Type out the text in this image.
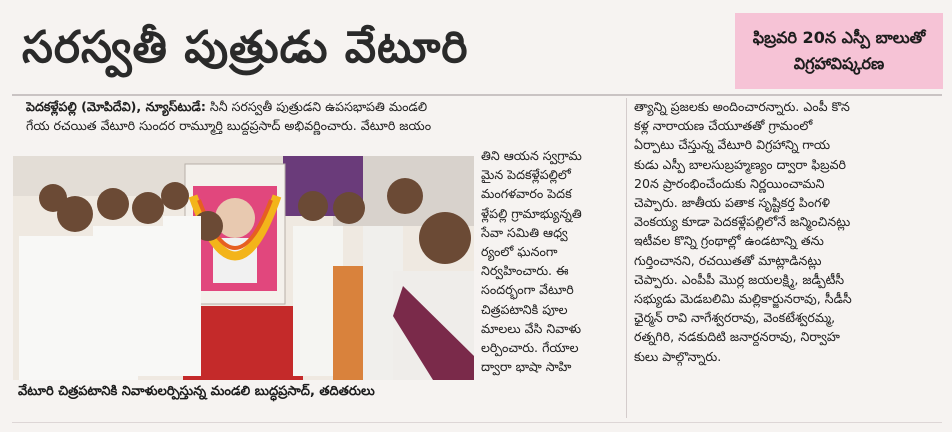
సరస్వతీ పుత్రుడు వేటూరి	ఫిబ్రవరి 20న ఎస్పీ బాలుతో
విగ్రహావిష్కరణ
పెదకళ్లేపల్లి (మోపిదేవి), న్యూస్‌టుడే: సినీ సరస్వతీ పుత్రుడని ఉపసభాపతి మండలి
గేయ రచయిత వేటూరి సుందర రామ్మూర్తి బుద్ధప్రసాద్ అభివర్ణించారు. వేటూరి జయం
తిని ఆయన స్వగ్రామ
మైన పెదకళ్లేపల్లిలో
మంగళవారం పెదక
ళ్లేపల్లి గ్రామాభ్యున్నతి
సేవా సమితి ఆధ్వ
ర్యంలో ఘనంగా
నిర్వహించారు. ఈ
సందర్భంగా వేటూరి
చిత్రపటానికి పూల
మాలలు వేసి నివాళు
లర్పించారు. గేయాల
ద్వారా భాషా సాహి
త్యాన్ని ప్రజలకు అందించారన్నారు. ఎంపీ కొన
కళ్ల నారాయణ చేయూతతో గ్రామంలో
ఏర్పాటు చేస్తున్న వేటూరి విగ్రహాన్ని గాయ
కుడు ఎస్పీ బాలసుబ్రహ్మణ్యం ద్వారా ఫిబ్రవరి
20న ప్రారంభించేందుకు నిర్ణయించామని
చెప్పారు. జాతీయ పతాక సృష్టికర్త పింగళి
వెంకయ్య కూడా పెదకళ్లేపల్లిలోనే జన్మించినట్లు
ఇటీవల కొన్ని గ్రంథాల్లో ఉండటాన్ని తను
గుర్తించానని, రచయితతో మాట్లాడినట్లు
చెప్పారు. ఎంపీపీ మొర్ల జయలక్ష్మి, జడ్పీటీసీ
సభ్యుడు మెడబలిమి మల్లికార్జునరావు, సీడీసీ
ఛైర్మన్ రావి నాగేశ్వరరావు, వెంకటేశ్వరమ్మ,
రత్నగిరి, నడకుదిటి జనార్దనరావు, నిర్వాహ
కులు పాల్గొన్నారు.
వేటూరి చిత్రపటానికి నివాళులర్పిస్తున్న మండలి బుద్ధప్రసాద్, తదితరులు
